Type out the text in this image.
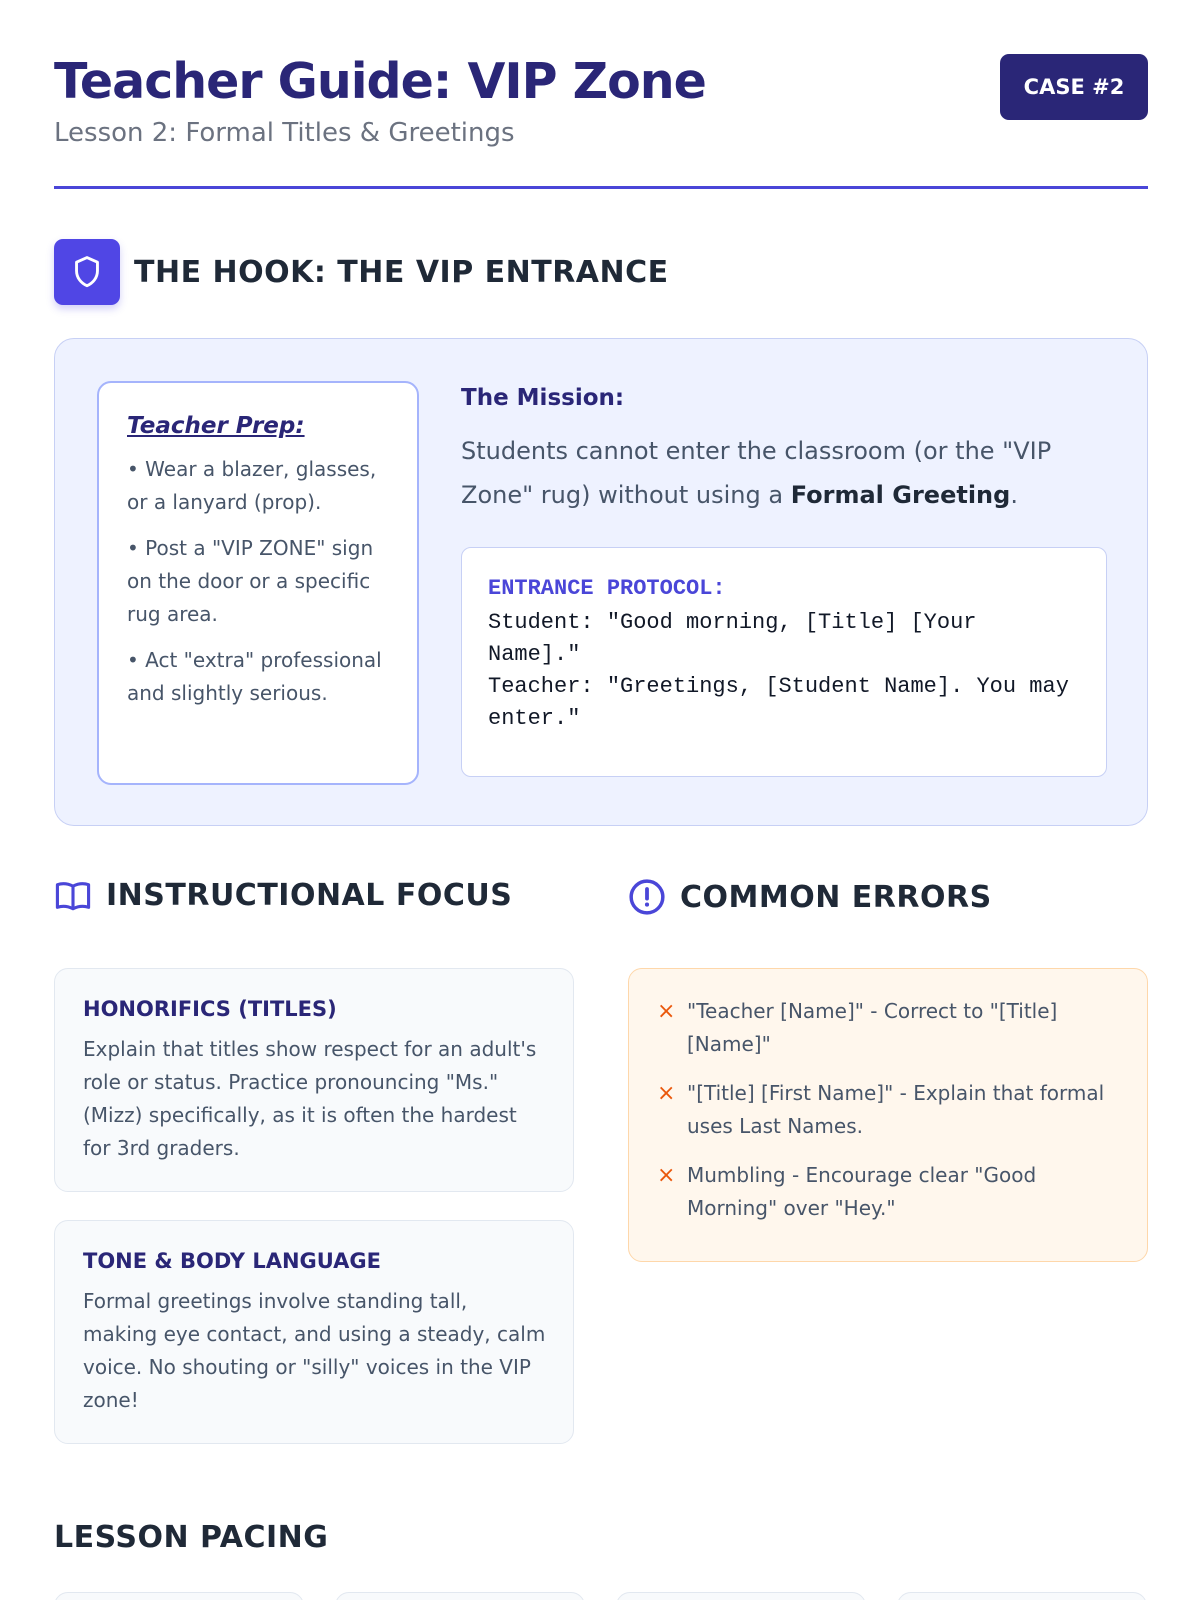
Teacher Guide: VIP Zone
Lesson 2: Formal Titles & Greetings
CASE #2
THE HOOK: THE VIP ENTRANCE
Teacher Prep:
• Wear a blazer, glasses, or a lanyard (prop).
• Post a "VIP ZONE" sign on the door or a specific rug area.
• Act "extra" professional and slightly serious.
The Mission:
Students cannot enter the classroom (or the "VIP Zone" rug) without using a Formal Greeting.
ENTRANCE PROTOCOL:
Student: "Good morning, [Title] [Your Name]."
Teacher: "Greetings, [Student Name]. You may enter."
INSTRUCTIONAL FOCUS
HONORIFICS (TITLES)

Explain that titles show respect for an adult's role or status. Practice pronouncing "Ms." (Mizz) specifically, as it is often the hardest for 3rd graders.

TONE & BODY LANGUAGE

Formal greetings involve standing tall, making eye contact, and using a steady, calm voice. No shouting or "silly" voices in the VIP zone!

COMMON ERRORS
× "Teacher [Name]" - Correct to "[Title] [Name]"
× "[Title] [First Name]" - Explain that formal uses Last Names.
× Mumbling - Encourage clear "Good Morning" over "Hey."
LESSON PACING
